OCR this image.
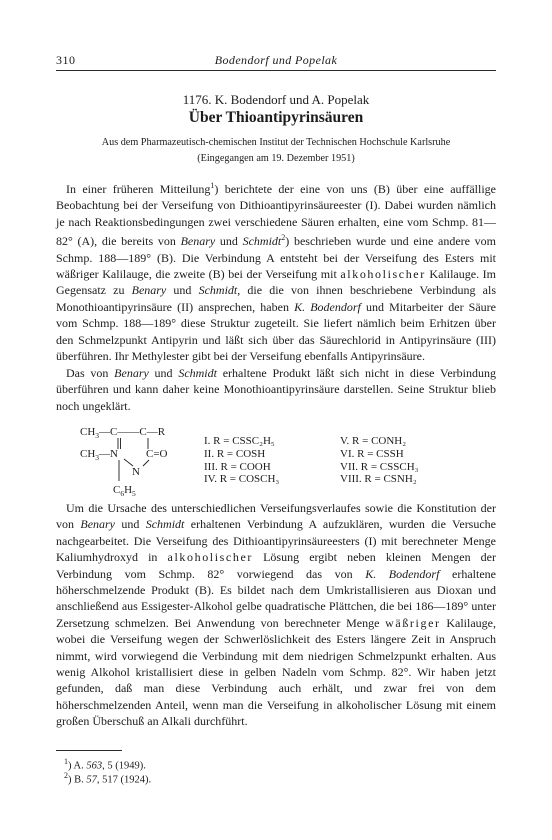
310	Bodendorf und Popelak
1176. K. Bodendorf und A. Popelak
Über Thioantipyrinsäuren
Aus dem Pharmazeutisch-chemischen Institut der Technischen Hochschule Karlsruhe
(Eingegangen am 19. Dezember 1951)

In einer früheren Mitteilung$^1$) berichtete der eine von uns (B) über eine auffällige Beobachtung bei der Verseifung von Dithioantipyrinsäureester (I). Dabei wurden nämlich je nach Reaktionsbedingungen zwei verschiedene Säuren erhalten, eine vom Schmp. 81—82° (A), die bereits von Benary und Schmidt$^2$) beschrieben wurde und eine andere vom Schmp. 188—189° (B). Die Verbindung A entsteht bei der Verseifung des Esters mit wäßriger Kalilauge, die zweite (B) bei der Verseifung mit alkoholischer Kalilauge. Im Gegensatz zu Benary und Schmidt, die die von ihnen beschriebene Verbindung als Monothioantipyrinsäure (II) ansprechen, haben K. Bodendorf und Mitarbeiter der Säure vom Schmp. 188—189° diese Struktur zugeteilt. Sie liefert nämlich beim Erhitzen über den Schmelzpunkt Antipyrin und läßt sich über das Säurechlorid in Antipyrinsäure (III) überführen. Ihr Methylester gibt bei der Verseifung ebenfalls Antipyrinsäure.

Das von Benary und Schmidt erhaltene Produkt läßt sich nicht in diese Verbindung überführen und kann daher keine Monothioantipyrinsäure darstellen. Seine Struktur blieb noch ungeklärt.

$CH_3—C——C—R$
$CH_3—N$	C=O
N
$C_6H_5$
I. R = CSSC₂H₅	V. R = CONH₂
II. R = COSH	VI. R = CSSH
III. R = COOH	VII. R = CSSCH₃
IV. R = COSCH₃	VIII. R = CSNH₂

Um die Ursache des unterschiedlichen Verseifungsverlaufes sowie die Konstitution der von Benary und Schmidt erhaltenen Verbindung A aufzuklären, wurden die Versuche nachgearbeitet. Die Verseifung des Dithioantipyrinsäureesters (I) mit berechneter Menge Kaliumhydroxyd in alkoholischer Lösung ergibt neben kleinen Mengen der Verbindung vom Schmp. 82° vorwiegend das von K. Bodendorf erhaltene höherschmelzende Produkt (B). Es bildet nach dem Umkristallisieren aus Dioxan und anschließend aus Essigester-Alkohol gelbe quadratische Plättchen, die bei 186—189° unter Zersetzung schmelzen. Bei Anwendung von berechneter Menge wäßriger Kalilauge, wobei die Verseifung wegen der Schwerlöslichkeit des Esters längere Zeit in Anspruch nimmt, wird vorwiegend die Verbindung mit dem niedrigen Schmelzpunkt erhalten. Aus wenig Alkohol kristallisiert diese in gelben Nadeln vom Schmp. 82°. Wir haben jetzt gefunden, daß man diese Verbindung auch erhält, und zwar frei von dem höherschmelzenden Anteil, wenn man die Verseifung in alkoholischer Lösung mit einem großen Überschuß an Alkali durchführt.

$^1$) A. 563, 5 (1949).
$^2$) B. 57, 517 (1924).
